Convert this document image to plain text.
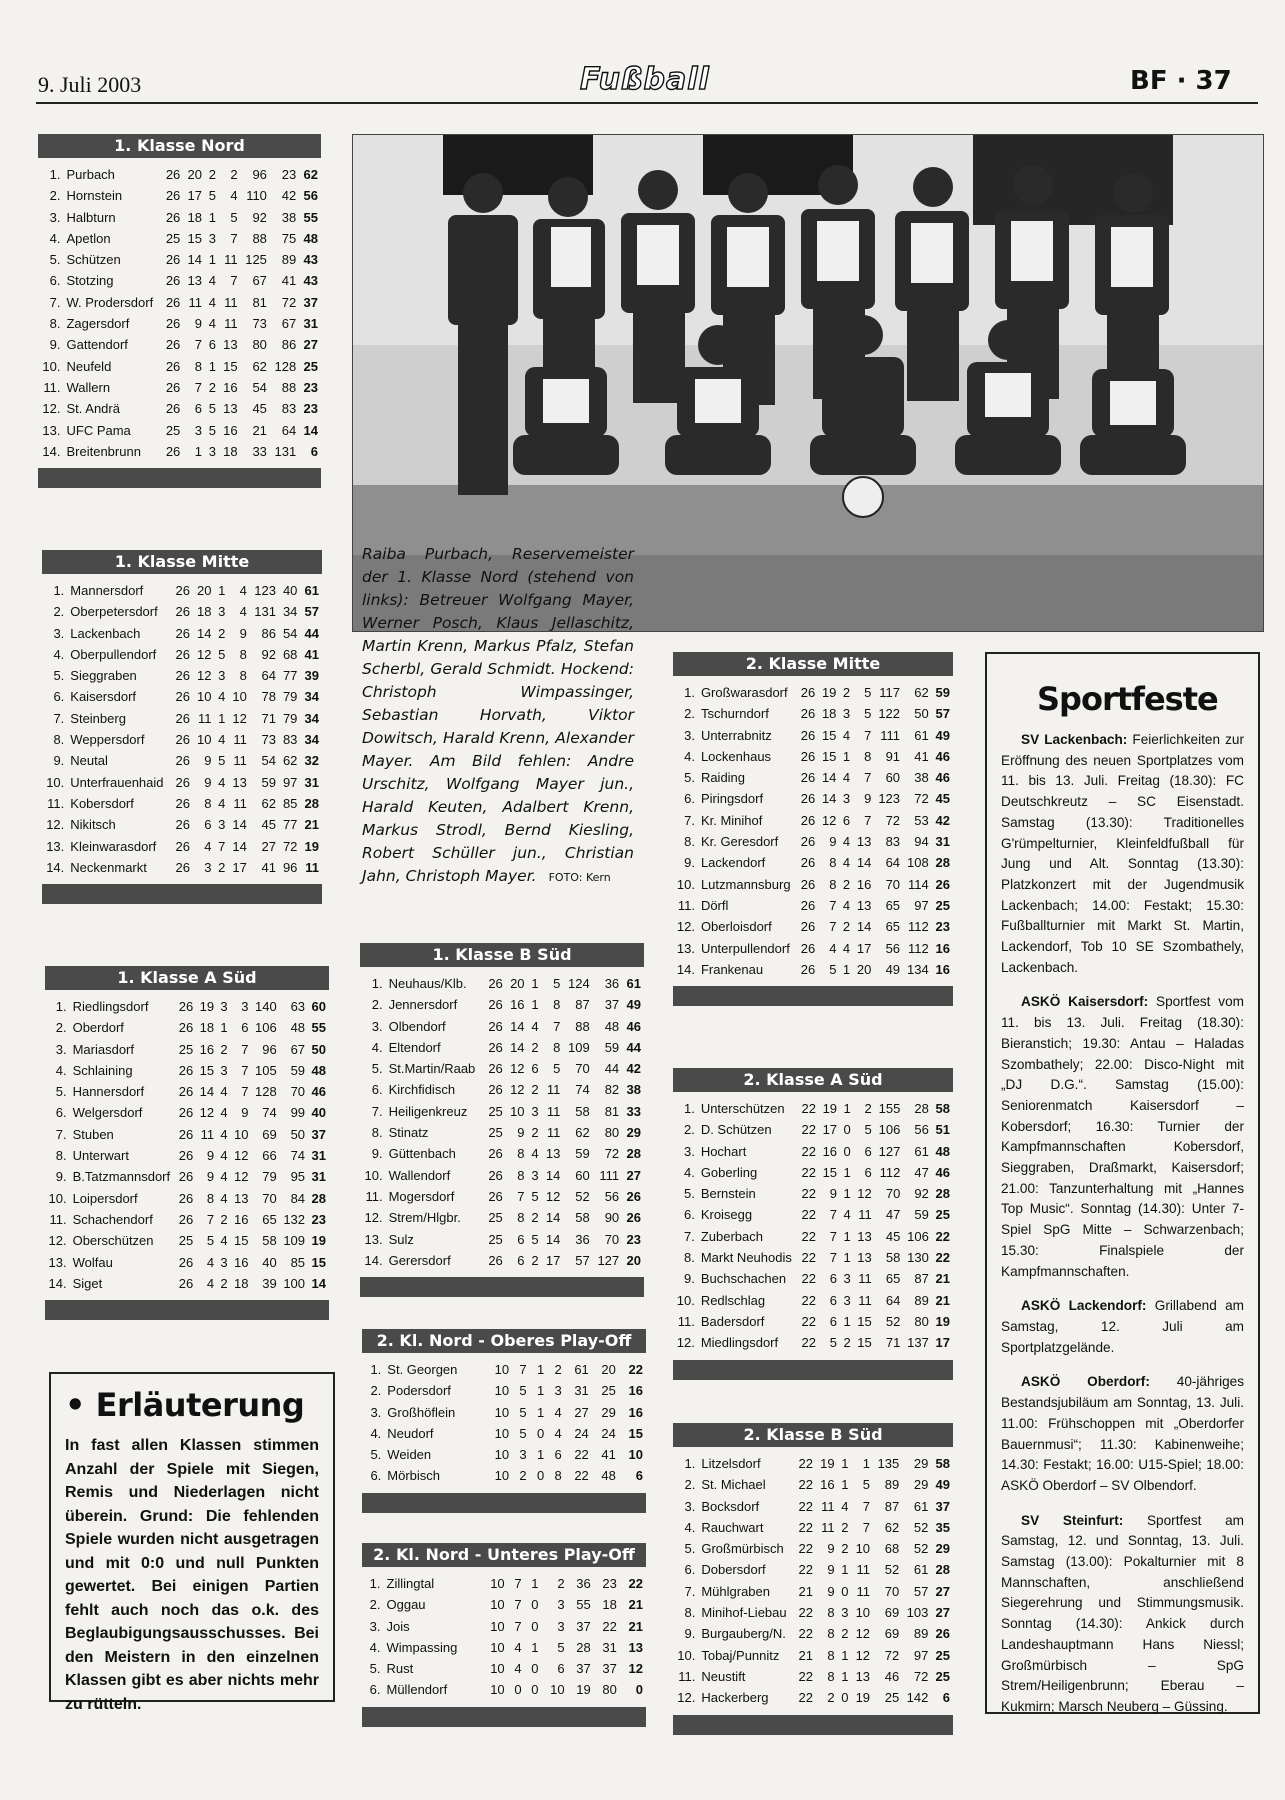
9. Juli 2003	Fußball	BF · 37
1. Klasse Nord
1.	Purbach	26	20	2	2	96	23	62
2.	Hornstein	26	17	5	4	110	42	56
3.	Halbturn	26	18	1	5	92	38	55
4.	Apetlon	25	15	3	7	88	75	48
5.	Schützen	26	14	1	11	125	89	43
6.	Stotzing	26	13	4	7	67	41	43
7.	W. Prodersdorf	26	11	4	11	81	72	37
8.	Zagersdorf	26	9	4	11	73	67	31
9.	Gattendorf	26	7	6	13	80	86	27
10.	Neufeld	26	8	1	15	62	128	25
11.	Wallern	26	7	2	16	54	88	23
12.	St. Andrä	26	6	5	13	45	83	23
13.	UFC Pama	25	3	5	16	21	64	14
14.	Breitenbrunn	26	1	3	18	33	131	6
1. Klasse Mitte
1.	Mannersdorf	26	20	1	4	123	40	61
2.	Oberpetersdorf	26	18	3	4	131	34	57
3.	Lackenbach	26	14	2	9	86	54	44
4.	Oberpullendorf	26	12	5	8	92	68	41
5.	Sieggraben	26	12	3	8	64	77	39
6.	Kaisersdorf	26	10	4	10	78	79	34
7.	Steinberg	26	11	1	12	71	79	34
8.	Weppersdorf	26	10	4	11	73	83	34
9.	Neutal	26	9	5	11	54	62	32
10.	Unterfrauenhaid	26	9	4	13	59	97	31
11.	Kobersdorf	26	8	4	11	62	85	28
12.	Nikitsch	26	6	3	14	45	77	21
13.	Kleinwarasdorf	26	4	7	14	27	72	19
14.	Neckenmarkt	26	3	2	17	41	96	11
1. Klasse A Süd
1.	Riedlingsdorf	26	19	3	3	140	63	60
2.	Oberdorf	26	18	1	6	106	48	55
3.	Mariasdorf	25	16	2	7	96	67	50
4.	Schlaining	26	15	3	7	105	59	48
5.	Hannersdorf	26	14	4	7	128	70	46
6.	Welgersdorf	26	12	4	9	74	99	40
7.	Stuben	26	11	4	10	69	50	37
8.	Unterwart	26	9	4	12	66	74	31
9.	B.Tatzmannsdorf	26	9	4	12	79	95	31
10.	Loipersdorf	26	8	4	13	70	84	28
11.	Schachendorf	26	7	2	16	65	132	23
12.	Oberschützen	25	5	4	15	58	109	19
13.	Wolfau	26	4	3	16	40	85	15
14.	Siget	26	4	2	18	39	100	14
1. Klasse B Süd
1.	Neuhaus/Klb.	26	20	1	5	124	36	61
2.	Jennersdorf	26	16	1	8	87	37	49
3.	Olbendorf	26	14	4	7	88	48	46
4.	Eltendorf	26	14	2	8	109	59	44
5.	St.Martin/Raab	26	12	6	5	70	44	42
6.	Kirchfidisch	26	12	2	11	74	82	38
7.	Heiligenkreuz	25	10	3	11	58	81	33
8.	Stinatz	25	9	2	11	62	80	29
9.	Güttenbach	26	8	4	13	59	72	28
10.	Wallendorf	26	8	3	14	60	111	27
11.	Mogersdorf	26	7	5	12	52	56	26
12.	Strem/Hlgbr.	25	8	2	14	58	90	26
13.	Sulz	25	6	5	14	36	70	23
14.	Gerersdorf	26	6	2	17	57	127	20
2. Kl. Nord - Oberes Play-Off
1.	St. Georgen	10	7	1	2	61	20	22
2.	Podersdorf	10	5	1	3	31	25	16
3.	Großhöflein	10	5	1	4	27	29	16
4.	Neudorf	10	5	0	4	24	24	15
5.	Weiden	10	3	1	6	22	41	10
6.	Mörbisch	10	2	0	8	22	48	6
2. Kl. Nord - Unteres Play-Off
1.	Zillingtal	10	7	1	2	36	23	22
2.	Oggau	10	7	0	3	55	18	21
3.	Jois	10	7	0	3	37	22	21
4.	Wimpassing	10	4	1	5	28	31	13
5.	Rust	10	4	0	6	37	37	12
6.	Müllendorf	10	0	0	10	19	80	0
2. Klasse Mitte
1.	Großwarasdorf	26	19	2	5	117	62	59
2.	Tschurndorf	26	18	3	5	122	50	57
3.	Unterrabnitz	26	15	4	7	111	61	49
4.	Lockenhaus	26	15	1	8	91	41	46
5.	Raiding	26	14	4	7	60	38	46
6.	Piringsdorf	26	14	3	9	123	72	45
7.	Kr. Minihof	26	12	6	7	72	53	42
8.	Kr. Geresdorf	26	9	4	13	83	94	31
9.	Lackendorf	26	8	4	14	64	108	28
10.	Lutzmannsburg	26	8	2	16	70	114	26
11.	Dörfl	26	7	4	13	65	97	25
12.	Oberloisdorf	26	7	2	14	65	112	23
13.	Unterpullendorf	26	4	4	17	56	112	16
14.	Frankenau	26	5	1	20	49	134	16
2. Klasse A Süd
1.	Unterschützen	22	19	1	2	155	28	58
2.	D. Schützen	22	17	0	5	106	56	51
3.	Hochart	22	16	0	6	127	61	48
4.	Goberling	22	15	1	6	112	47	46
5.	Bernstein	22	9	1	12	70	92	28
6.	Kroisegg	22	7	4	11	47	59	25
7.	Zuberbach	22	7	1	13	45	106	22
8.	Markt Neuhodis	22	7	1	13	58	130	22
9.	Buchschachen	22	6	3	11	65	87	21
10.	Redlschlag	22	6	3	11	64	89	21
11.	Badersdorf	22	6	1	15	52	80	19
12.	Miedlingsdorf	22	5	2	15	71	137	17
2. Klasse B Süd
1.	Litzelsdorf	22	19	1	1	135	29	58
2.	St. Michael	22	16	1	5	89	29	49
3.	Bocksdorf	22	11	4	7	87	61	37
4.	Rauchwart	22	11	2	7	62	52	35
5.	Großmürbisch	22	9	2	10	68	52	29
6.	Dobersdorf	22	9	1	11	52	61	28
7.	Mühlgraben	21	9	0	11	70	57	27
8.	Minihof-Liebau	22	8	3	10	69	103	27
9.	Burgauberg/N.	22	8	2	12	69	89	26
10.	Tobaj/Punnitz	21	8	1	12	72	97	25
11.	Neustift	22	8	1	13	46	72	25
12.	Hackerberg	22	2	0	19	25	142	6
Raiba Purbach, Reservemeister der 1. Klasse Nord (stehend von links): Betreuer Wolfgang Mayer, Werner Posch, Klaus Jellaschitz, Martin Krenn, Markus Pfalz, Stefan Scherbl, Gerald Schmidt. Hockend: Christoph Wimpassinger, Sebastian Horvath, Viktor Dowitsch, Harald Krenn, Alexander Mayer. Am Bild fehlen: Andre Urschitz, Wolfgang Mayer jun., Harald Keuten, Adalbert Krenn, Markus Strodl, Bernd Kiesling, Robert Schüller jun., Christian Jahn, Christoph Mayer. FOTO: Kern
Sportfeste

SV Lackenbach: Feierlichkeiten zur Eröffnung des neuen Sportplatzes vom 11. bis 13. Juli. Freitag (18.30): FC Deutschkreutz – SC Eisenstadt. Samstag (13.30): Traditionelles G'rümpelturnier, Kleinfeldfußball für Jung und Alt. Sonntag (13.30): Platzkonzert mit der Jugendmusik Lackenbach; 14.00: Festakt; 15.30: Fußballturnier mit Markt St. Martin, Lackendorf, Tob 10 SE Szombathely, Lackenbach.

ASKÖ Kaisersdorf: Sportfest vom 11. bis 13. Juli. Freitag (18.30): Bieranstich; 19.30: Antau – Haladas Szombathely; 22.00: Disco-Night mit „DJ D.G.“. Samstag (15.00): Seniorenmatch Kaisersdorf – Kobersdorf; 16.30: Turnier der Kampfmannschaften Kobersdorf, Sieggraben, Draßmarkt, Kaisersdorf; 21.00: Tanzunterhaltung mit „Hannes Top Music“. Sonntag (14.30): Unter 7-Spiel SpG Mitte – Schwarzenbach; 15.30: Finalspiele der Kampfmannschaften.

ASKÖ Lackendorf: Grillabend am Samstag, 12. Juli am Sportplatzgelände.

ASKÖ Oberdorf: 40-jähriges Bestandsjubiläum am Sonntag, 13. Juli. 11.00: Frühschoppen mit „Oberdorfer Bauernmusi“; 11.30: Kabinenweihe; 14.30: Festakt; 16.00: U15-Spiel; 18.00: ASKÖ Oberdorf – SV Olbendorf.

SV Steinfurt: Sportfest am Samstag, 12. und Sonntag, 13. Juli. Samstag (13.00): Pokalturnier mit 8 Mannschaften, anschließend Siegerehrung und Stimmungsmusik. Sonntag (14.30): Ankick durch Landeshauptmann Hans Niessl; Großmürbisch – SpG Strem/Heiligenbrunn; Eberau – Kukmirn; Marsch Neuberg – Güssing.

• Erläuterung
In fast allen Klassen stimmen Anzahl der Spiele mit Siegen, Remis und Niederlagen nicht überein. Grund: Die fehlenden Spiele wurden nicht ausgetragen und mit 0:0 und null Punkten gewertet. Bei einigen Partien fehlt auch noch das o.k. des Beglaubigungsausschusses. Bei den Meistern in den einzelnen Klassen gibt es aber nichts mehr zu rütteln.
